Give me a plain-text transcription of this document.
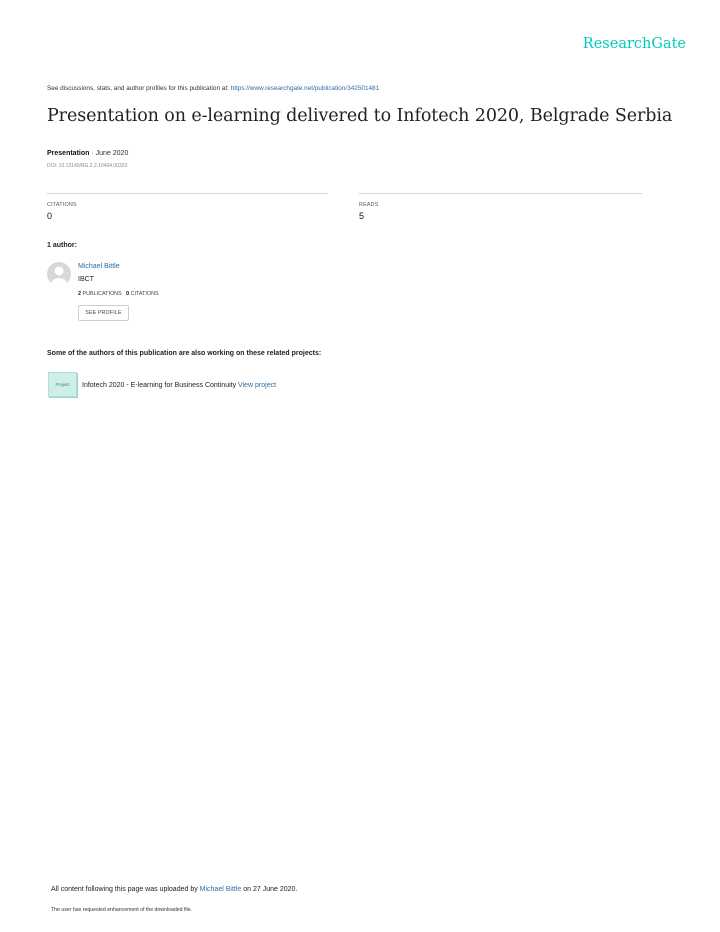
ResearchGate
See discussions, stats, and author profiles for this publication at: https://www.researchgate.net/publication/342501481
Presentation on e-learning delivered to Infotech 2020, Belgrade Serbia
Presentation · June 2020
DOI: 10.13140/RG.2.2.10404.00323
CITATIONS
0
READS
5
1 author:
Michael Bittle
IBCT
2 PUBLICATIONS 0 CITATIONS
SEE PROFILE
Some of the authors of this publication are also working on these related projects:
Project Infotech 2020 - E-learning for Business Continuity View project
All content following this page was uploaded by Michael Bittle on 27 June 2020.
The user has requested enhancement of the downloaded file.
